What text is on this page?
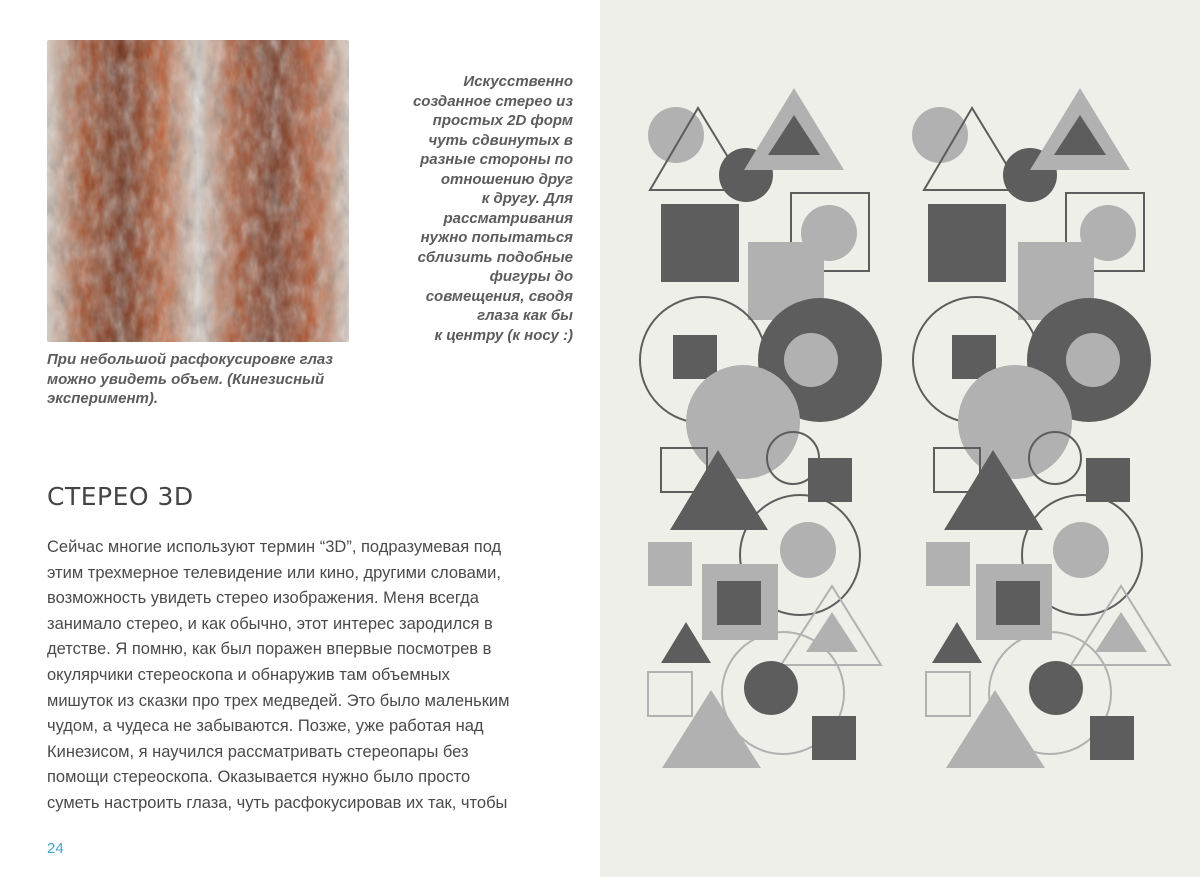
При небольшой расфокусировке глаз
можно увидеть объем. (Кинезисный
эксперимент).
Искусственно
созданное стерео из
простых 2D форм
чуть сдвинутых в
разные стороны по
отношению друг
к другу. Для
рассматривания
нужно попытаться
сблизить подобные
фигуры до
совмещения, сводя
глаза как бы
к центру (к носу :)
СТЕРЕО 3D
Сейчас многие используют термин “3D”, подразумевая под
этим трехмерное телевидение или кино, другими словами,
возможность увидеть стерео изображения. Меня всегда
занимало стерео, и как обычно, этот интерес зародился в
детстве. Я помню, как был поражен впервые посмотрев в
окулярчики стереоскопа и обнаружив там объемных
мишуток из сказки про трех медведей. Это было маленьким
чудом, а чудеса не забываются. Позже, уже работая над
Кинезисом, я научился рассматривать стереопары без
помощи стереоскопа. Оказывается нужно было просто
суметь настроить глаза, чуть расфокусировав их так, чтобы
24
